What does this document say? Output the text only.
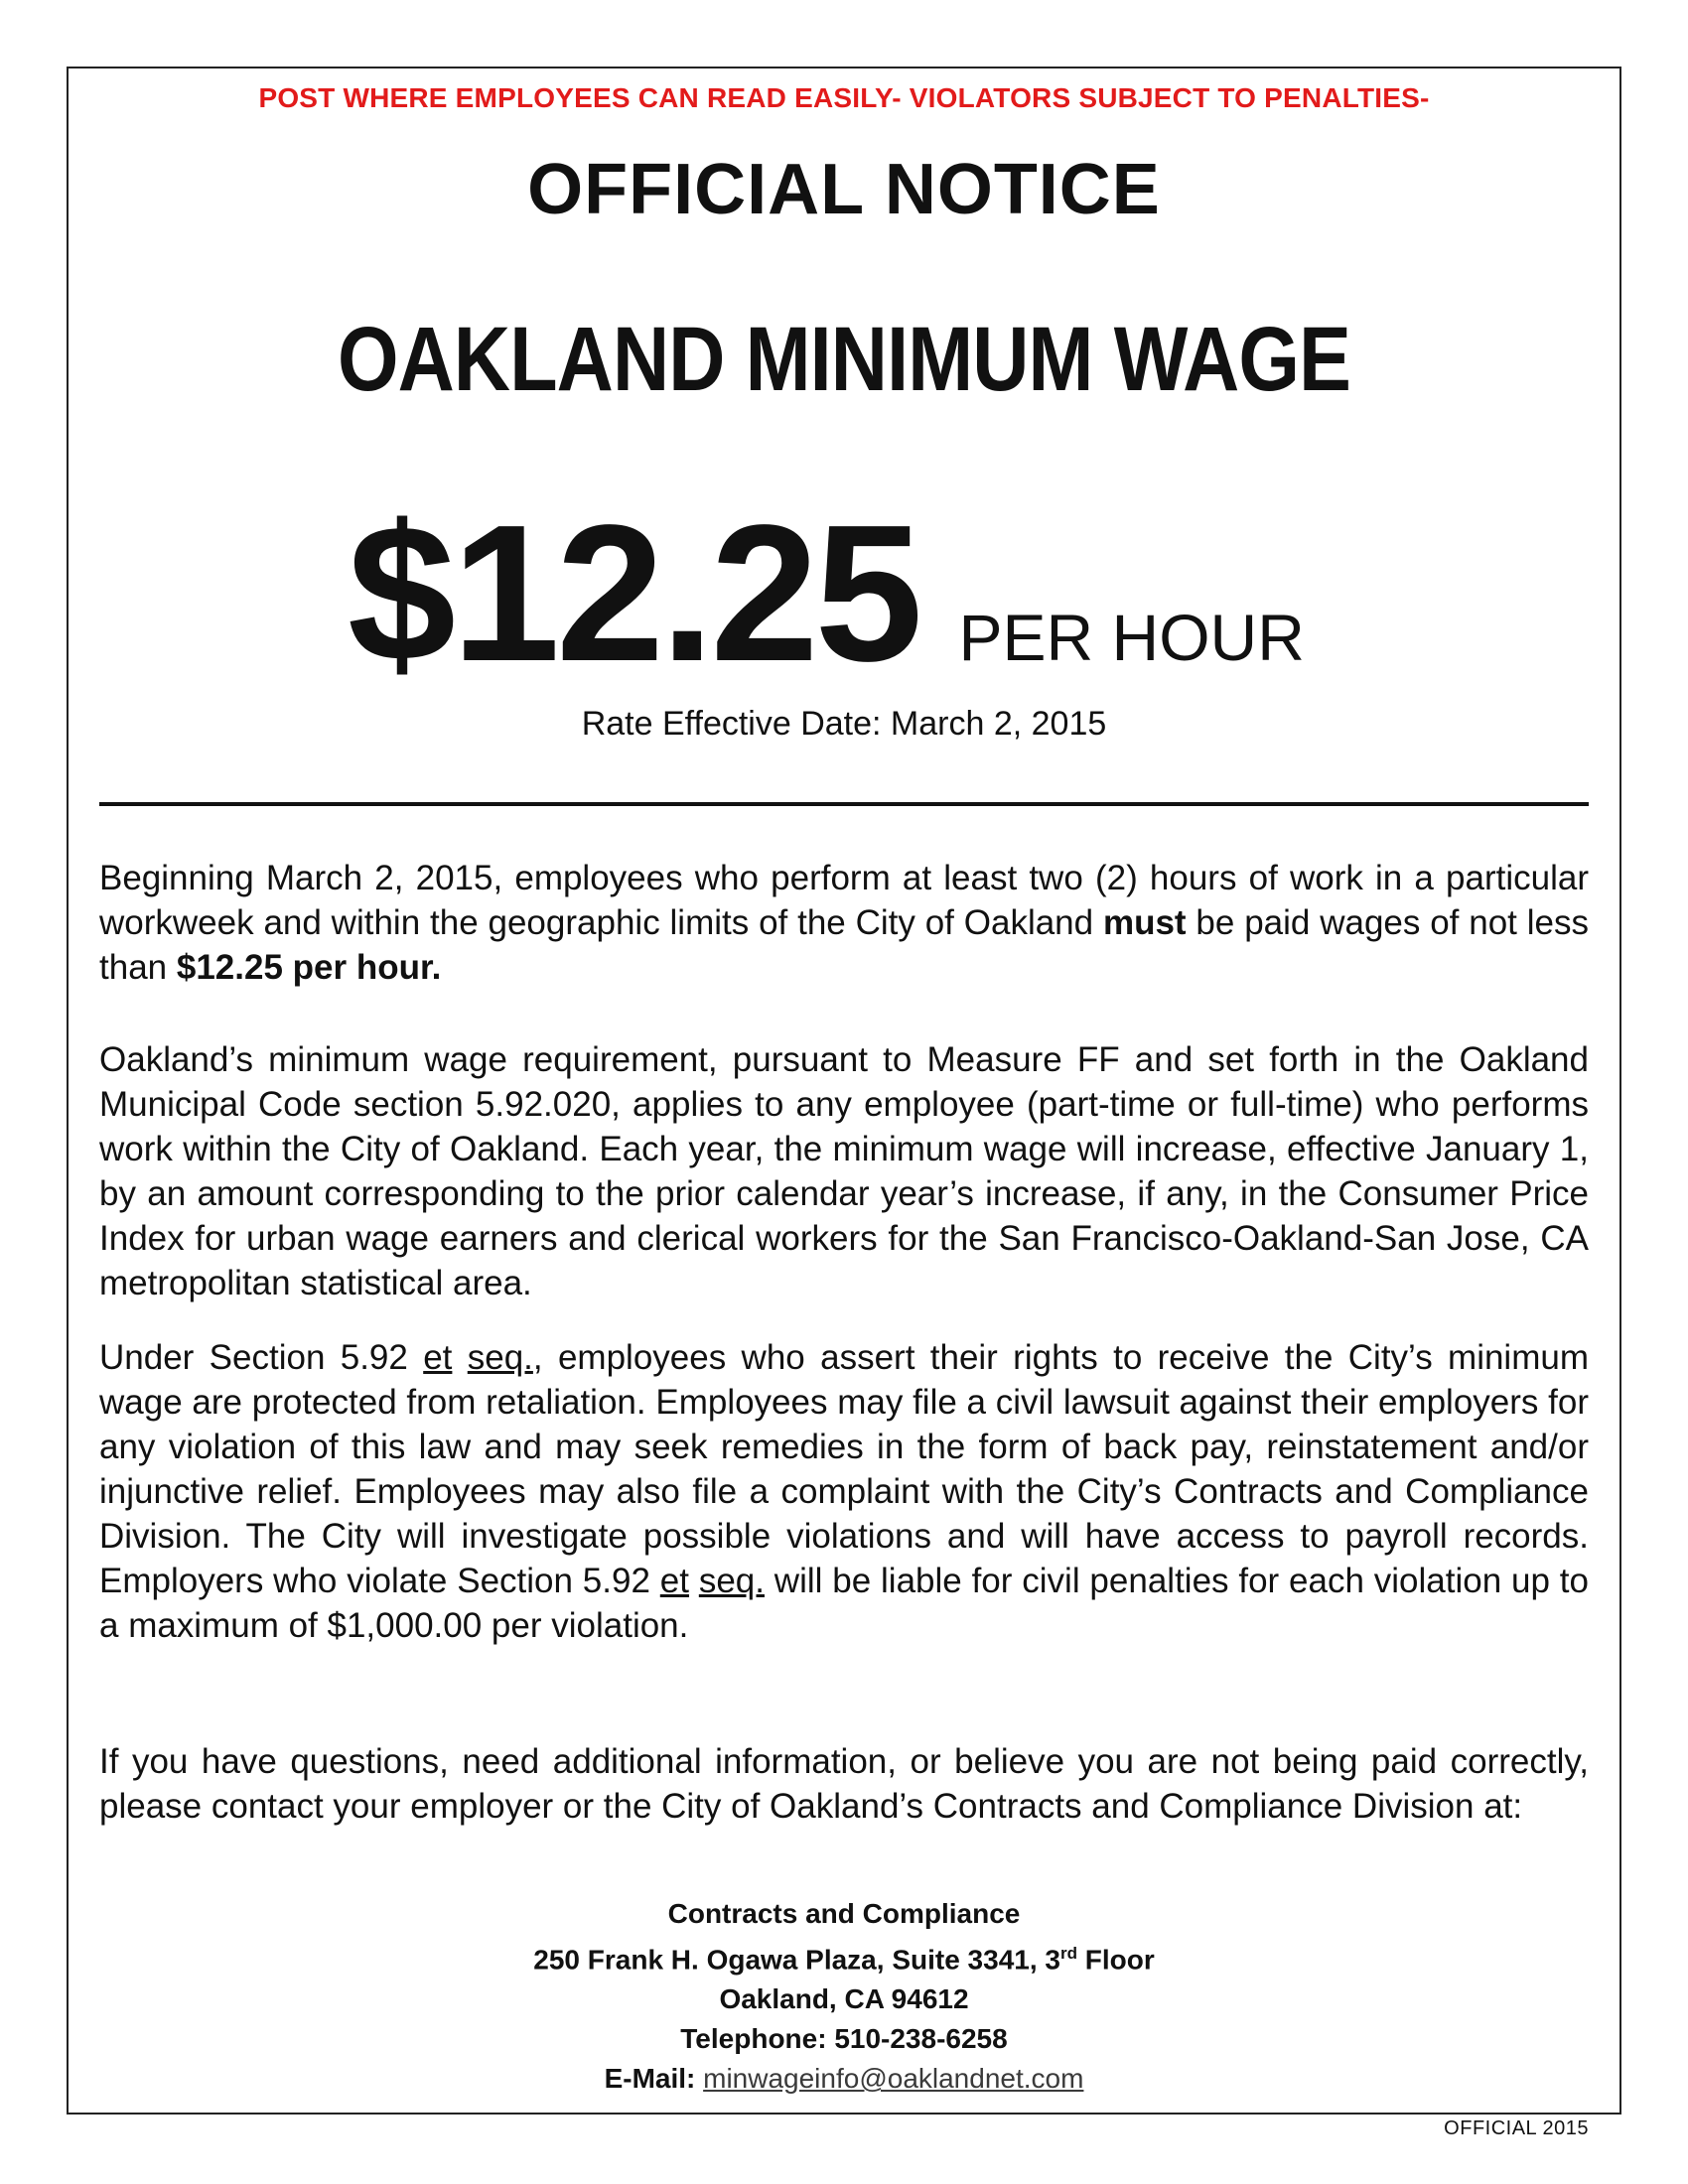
POST WHERE EMPLOYEES CAN READ EASILY- VIOLATORS SUBJECT TO PENALTIES-
OFFICIAL NOTICE
OAKLAND MINIMUM WAGE
$12.25 PER HOUR
Rate Effective Date: March 2, 2015
Beginning March 2, 2015, employees who perform at least two (2) hours of work in a particular workweek and within the geographic limits of the City of Oakland must be paid wages of not less than $12.25 per hour.
Oakland’s minimum wage requirement, pursuant to Measure FF and set forth in the Oakland Municipal Code section 5.92.020, applies to any employee (part-time or full-time) who performs work within the City of Oakland. Each year, the minimum wage will increase, effective January 1, by an amount corresponding to the prior calendar year’s increase, if any, in the Consumer Price Index for urban wage earners and clerical workers for the San Francisco-Oakland-San Jose, CA metropolitan statistical area.
Under Section 5.92 et seq., employees who assert their rights to receive the City’s minimum wage are protected from retaliation. Employees may file a civil lawsuit against their employers for any violation of this law and may seek remedies in the form of back pay, reinstatement and/or injunctive relief. Employees may also file a complaint with the City’s Contracts and Compliance Division. The City will investigate possible violations and will have access to payroll records. Employers who violate Section 5.92 et seq. will be liable for civil penalties for each violation up to a maximum of $1,000.00 per violation.
If you have questions, need additional information, or believe you are not being paid correctly, please contact your employer or the City of Oakland’s Contracts and Compliance Division at:
Contracts and Compliance
250 Frank H. Ogawa Plaza, Suite 3341, 3rd Floor
Oakland, CA 94612
Telephone: 510-238-6258
E-Mail: minwageinfo@oaklandnet.com
OFFICIAL 2015
